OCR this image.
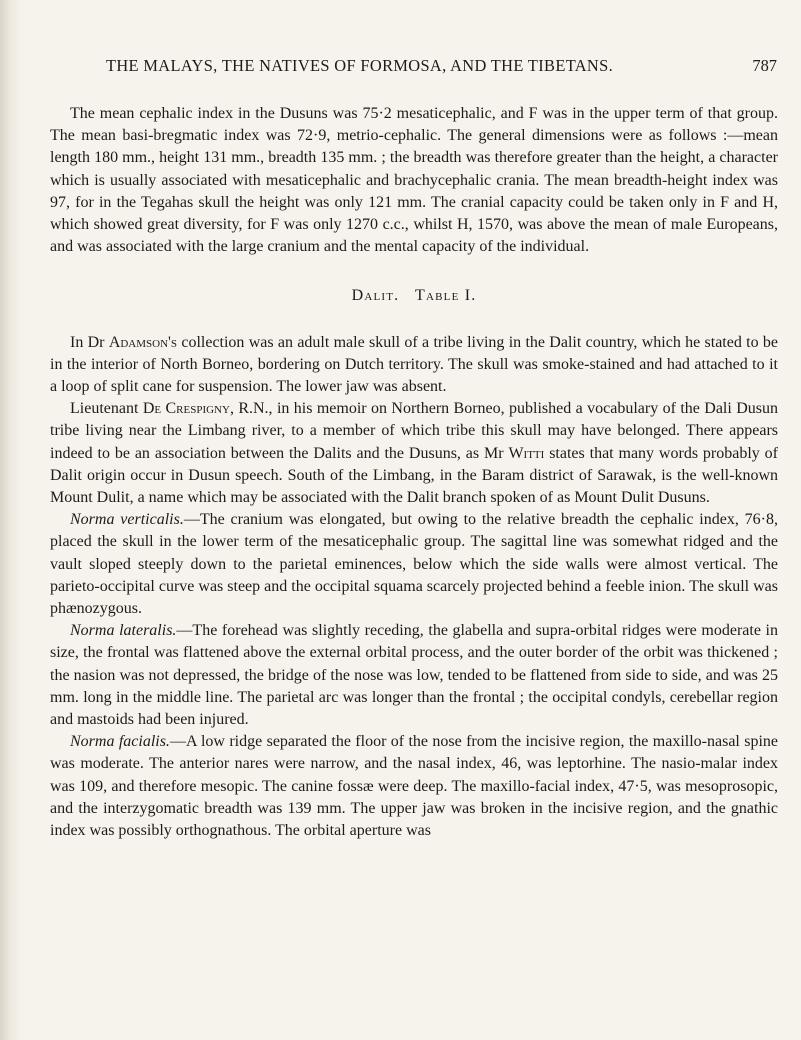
THE MALAYS, THE NATIVES OF FORMOSA, AND THE TIBETANS.	787

The mean cephalic index in the Dusuns was 75·2 mesaticephalic, and F was in the upper term of that group. The mean basi-bregmatic index was 72·9, metrio-cephalic. The general dimensions were as follows :—mean length 180 mm., height 131 mm., breadth 135 mm. ; the breadth was therefore greater than the height, a character which is usually associated with mesaticephalic and brachycephalic crania. The mean breadth-height index was 97, for in the Tegahas skull the height was only 121 mm. The cranial capacity could be taken only in F and H, which showed great diversity, for F was only 1270 c.c., whilst H, 1570, was above the mean of male Europeans, and was associated with the large cranium and the mental capacity of the individual.

Dalit. Table I.

In Dr Adamson's collection was an adult male skull of a tribe living in the Dalit country, which he stated to be in the interior of North Borneo, bordering on Dutch territory. The skull was smoke-stained and had attached to it a loop of split cane for suspension. The lower jaw was absent.

Lieutenant De Crespigny, R.N., in his memoir on Northern Borneo, published a vocabulary of the Dali Dusun tribe living near the Limbang river, to a member of which tribe this skull may have belonged. There appears indeed to be an association between the Dalits and the Dusuns, as Mr Witti states that many words probably of Dalit origin occur in Dusun speech. South of the Limbang, in the Baram district of Sarawak, is the well-known Mount Dulit, a name which may be associated with the Dalit branch spoken of as Mount Dulit Dusuns.

Norma verticalis.—The cranium was elongated, but owing to the relative breadth the cephalic index, 76·8, placed the skull in the lower term of the mesaticephalic group. The sagittal line was somewhat ridged and the vault sloped steeply down to the parietal eminences, below which the side walls were almost vertical. The parieto-occipital curve was steep and the occipital squama scarcely projected behind a feeble inion. The skull was phænozygous.

Norma lateralis.—The forehead was slightly receding, the glabella and supra-orbital ridges were moderate in size, the frontal was flattened above the external orbital process, and the outer border of the orbit was thickened ; the nasion was not depressed, the bridge of the nose was low, tended to be flattened from side to side, and was 25 mm. long in the middle line. The parietal arc was longer than the frontal ; the occipital condyls, cerebellar region and mastoids had been injured.

Norma facialis.—A low ridge separated the floor of the nose from the incisive region, the maxillo-nasal spine was moderate. The anterior nares were narrow, and the nasal index, 46, was leptorhine. The nasio-malar index was 109, and therefore mesopic. The canine fossæ were deep. The maxillo-facial index, 47·5, was mesoprosopic, and the interzygomatic breadth was 139 mm. The upper jaw was broken in the incisive region, and the gnathic index was possibly orthognathous. The orbital aperture was
